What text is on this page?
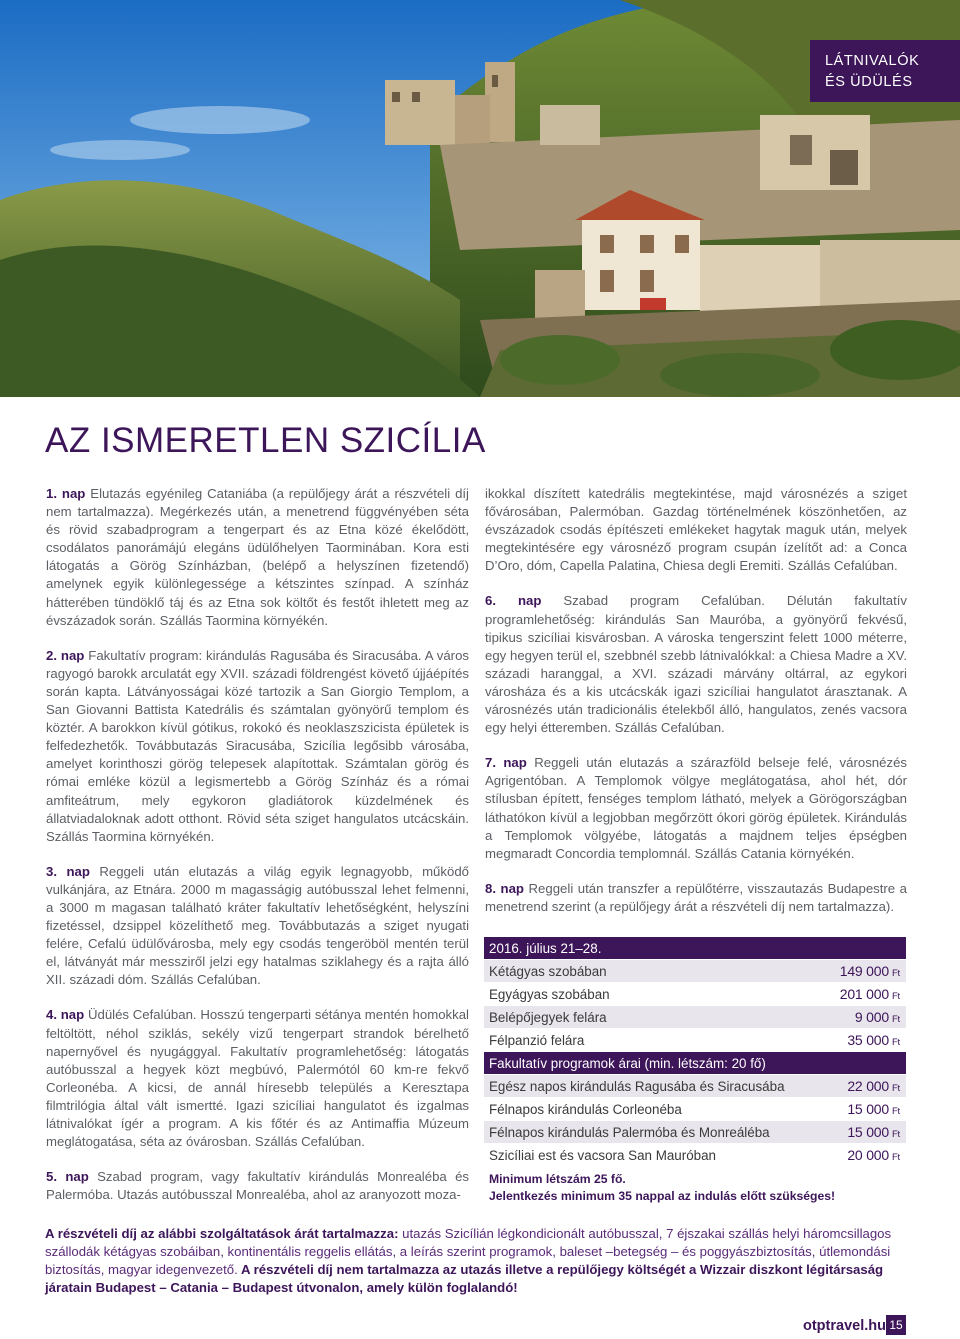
LÁTNIVALÓK
ÉS ÜDÜLÉS
AZ ISMERETLEN SZICÍLIA

1. nap Elutazás egyénileg Cataniába (a repülőjegy árát a részvételi díj nem tartalmazza). Megérkezés után, a menetrend függvényében séta és rövid szabadprogram a tengerpart és az Etna közé ékelődött, csodálatos panorámájú elegáns üdülőhelyen Taorminában. Kora esti látogatás a Görög Színházban, (belépő a helyszínen fizetendő) amelynek egyik különlegessége a kétszintes színpad. A színház hátterében tündöklő táj és az Etna sok költőt és festőt ihletett meg az évszázadok során. Szállás Taormina környékén.

2. nap Fakultatív program: kirándulás Ragusába és Siracusába. A város ragyogó barokk arculatát egy XVII. századi földrengést követő újjáépítés során kapta. Látványosságai közé tartozik a San Giorgio Templom, a San Giovanni Battista Katedrális és számtalan gyönyörű templom és köztér. A barokkon kívül gótikus, rokokó és neoklaszszicista épületek is felfedezhetők. Továbbutazás Siracusába, Szicília legősibb városába, amelyet korinthoszi görög telepesek alapítottak. Számtalan görög és római emléke közül a legismertebb a Görög Színház és a római amfiteátrum, mely egykoron gladiátorok küzdelmének és állatviadaloknak adott otthont. Rövid séta sziget hangulatos utcácskáin. Szállás Taormina környékén.

3. nap Reggeli után elutazás a világ egyik legnagyobb, működő vulkánjára, az Etnára. 2000 m magasságig autóbusszal lehet felmenni, a 3000 m magasan található kráter fakultatív lehetőségként, helyszíni fizetéssel, dzsippel közelíthető meg. Továbbutazás a sziget nyugati felére, Cefalú üdülővárosba, mely egy csodás tengeröböl mentén terül el, látványát már messziről jelzi egy hatalmas sziklahegy és a rajta álló XII. századi dóm. Szállás Cefalúban.

4. nap Üdülés Cefalúban. Hosszú tengerparti sétánya mentén homokkal feltöltött, néhol sziklás, sekély vizű tengerpart strandok bérelhető napernyővel és nyugággyal. Fakultatív programlehetőség: látogatás autóbusszal a hegyek közt megbúvó, Palermótól 60 km-re fekvő Corleonéba. A kicsi, de annál híresebb település a Keresztapa filmtrilógia által vált ismertté. Igazi szicíliai hangulatot és izgalmas látnivalókat ígér a program. A kis főtér és az Antimaffia Múzeum meglátogatása, séta az óvárosban. Szállás Cefalúban.

5. nap Szabad program, vagy fakultatív kirándulás Monrealéba és Palermóba. Utazás autóbusszal Monrealéba, ahol az aranyozott moza-

ikokkal díszített katedrális megtekintése, majd városnézés a sziget fővárosában, Palermóban. Gazdag történelmének köszönhetően, az évszázadok csodás építészeti emlékeket hagytak maguk után, melyek megtekintésére egy városnéző program csupán ízelítőt ad: a Conca D’Oro, dóm, Capella Palatina, Chiesa degli Eremiti. Szállás Cefalúban.

6. nap Szabad program Cefalúban. Délután fakultatív programlehetőség: kirándulás San Mauróba, a gyönyörű fekvésű, tipikus szicíliai kisvárosban. A városka tengerszint felett 1000 méterre, egy hegyen terül el, szebbnél szebb látnivalókkal: a Chiesa Madre a XV. századi haranggal, a XVI. századi márvány oltárral, az egykori városháza és a kis utcácskák igazi szicíliai hangulatot árasztanak. A városnézés után tradicionális ételekből álló, hangulatos, zenés vacsora egy helyi étteremben. Szállás Cefalúban.

7. nap Reggeli után elutazás a szárazföld belseje felé, városnézés Agrigentóban. A Templomok völgye meglátogatása, ahol hét, dór stílusban épített, fenséges templom látható, melyek a Görögországban láthatókon kívül a legjobban megőrzött ókori görög épületek. Kirándulás a Templomok völgyébe, látogatás a majdnem teljes épségben megmaradt Concordia templomnál. Szállás Catania környékén.

8. nap Reggeli után transzfer a repülőtérre, visszautazás Budapestre a menetrend szerint (a repülőjegy árát a részvételi díj nem tartalmazza).

2016. július 21–28.
Kétágyas szobában	149 000 Ft
Egyágyas szobában	201 000 Ft
Belépőjegyek felára	9 000 Ft
Félpanzió felára	35 000 Ft
Fakultatív programok árai (min. létszám: 20 fő)
Egész napos kirándulás Ragusába és Siracusába	22 000 Ft
Félnapos kirándulás Corleonéba	15 000 Ft
Félnapos kirándulás Palermóba és Monreáléba	15 000 Ft
Szicíliai est és vacsora San Mauróban	20 000 Ft
Minimum létszám 25 fő.
Jelentkezés minimum 35 nappal az indulás előtt szükséges!
A részvételi díj az alábbi szolgáltatások árát tartalmazza: utazás Szicílián légkondicionált autóbusszal, 7 éjszakai szállás helyi háromcsillagos szállodák kétágyas szobáiban, kontinentális reggelis ellátás, a leírás szerint programok, baleset –betegség – és poggyászbiztosítás, útlemondási biztosítás, magyar idegenvezető. A részvételi díj nem tartalmazza az utazás illetve a repülőjegy költségét a Wizzair diszkont légitársaság járatain Budapest – Catania – Budapest útvonalon, amely külön foglalandó!
otptravel.hu 15
